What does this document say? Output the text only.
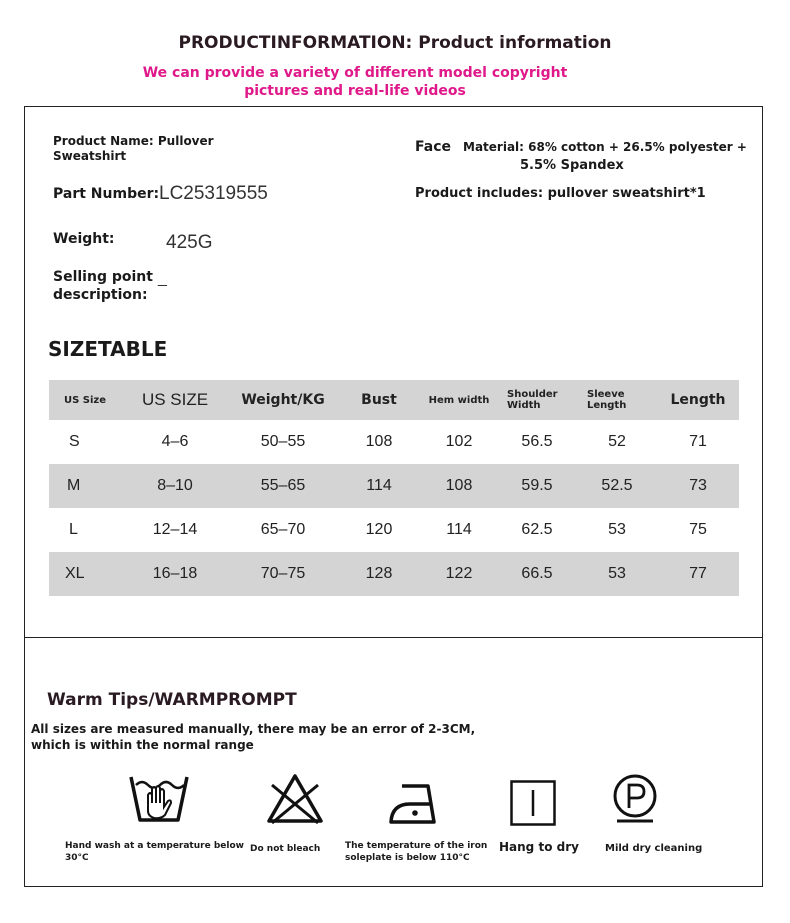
PRODUCTINFORMATION: Product information
We can provide a variety of different model copyright
pictures and real-life videos
Product Name: Pullover
Sweatshirt
Part Number: LC25319555
Weight:	425G
Selling point
description:
_
Face Material: 68% cotton + 26.5% polyester +
5.5% Spandex
Product includes: pullover sweatshirt*1
SIZETABLE
US Size	US SIZE	Weight/KG	Bust	Hem width	Shoulder Width	Sleeve Length	Length
S	4–6	50–55	108	102	56.5	52	71
M	8–10	55–65	114	108	59.5	52.5	73
L	12–14	65–70	120	114	62.5	53	75
XL	16–18	70–75	128	122	66.5	53	77
Warm Tips/WARMPROMPT
All sizes are measured manually, there may be an error of 2-3CM,
which is within the normal range
Hand wash at a temperature below
30°C
Do not bleach	The temperature of the iron
soleplate is below 110°C
Hang to dry	Mild dry cleaning
